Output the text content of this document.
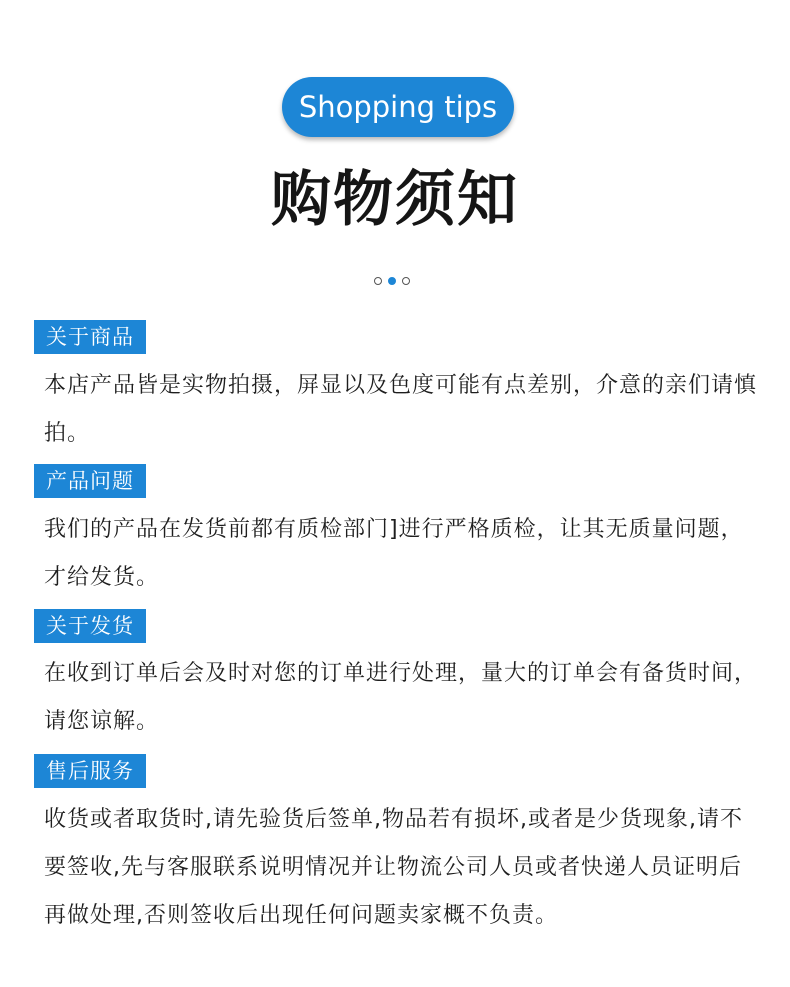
Shopping tips
购物须知
关于商品

本店产品皆是实物拍摄，屏显以及色度可能有点差别，介意的亲们请慎拍。

产品问题

我们的产品在发货前都有质检部门]进行严格质检，让其无质量问题，才给发货。

关于发货

在收到订单后会及时对您的订单进行处理，量大的订单会有备货时间，请您谅解。

售后服务

收货或者取货时,请先验货后签单,物品若有损坏,或者是少货现象,请不要签收,先与客服联系说明情况并让物流公司人员或者快递人员证明后再做处理,否则签收后出现任何问题卖家概不负责。
